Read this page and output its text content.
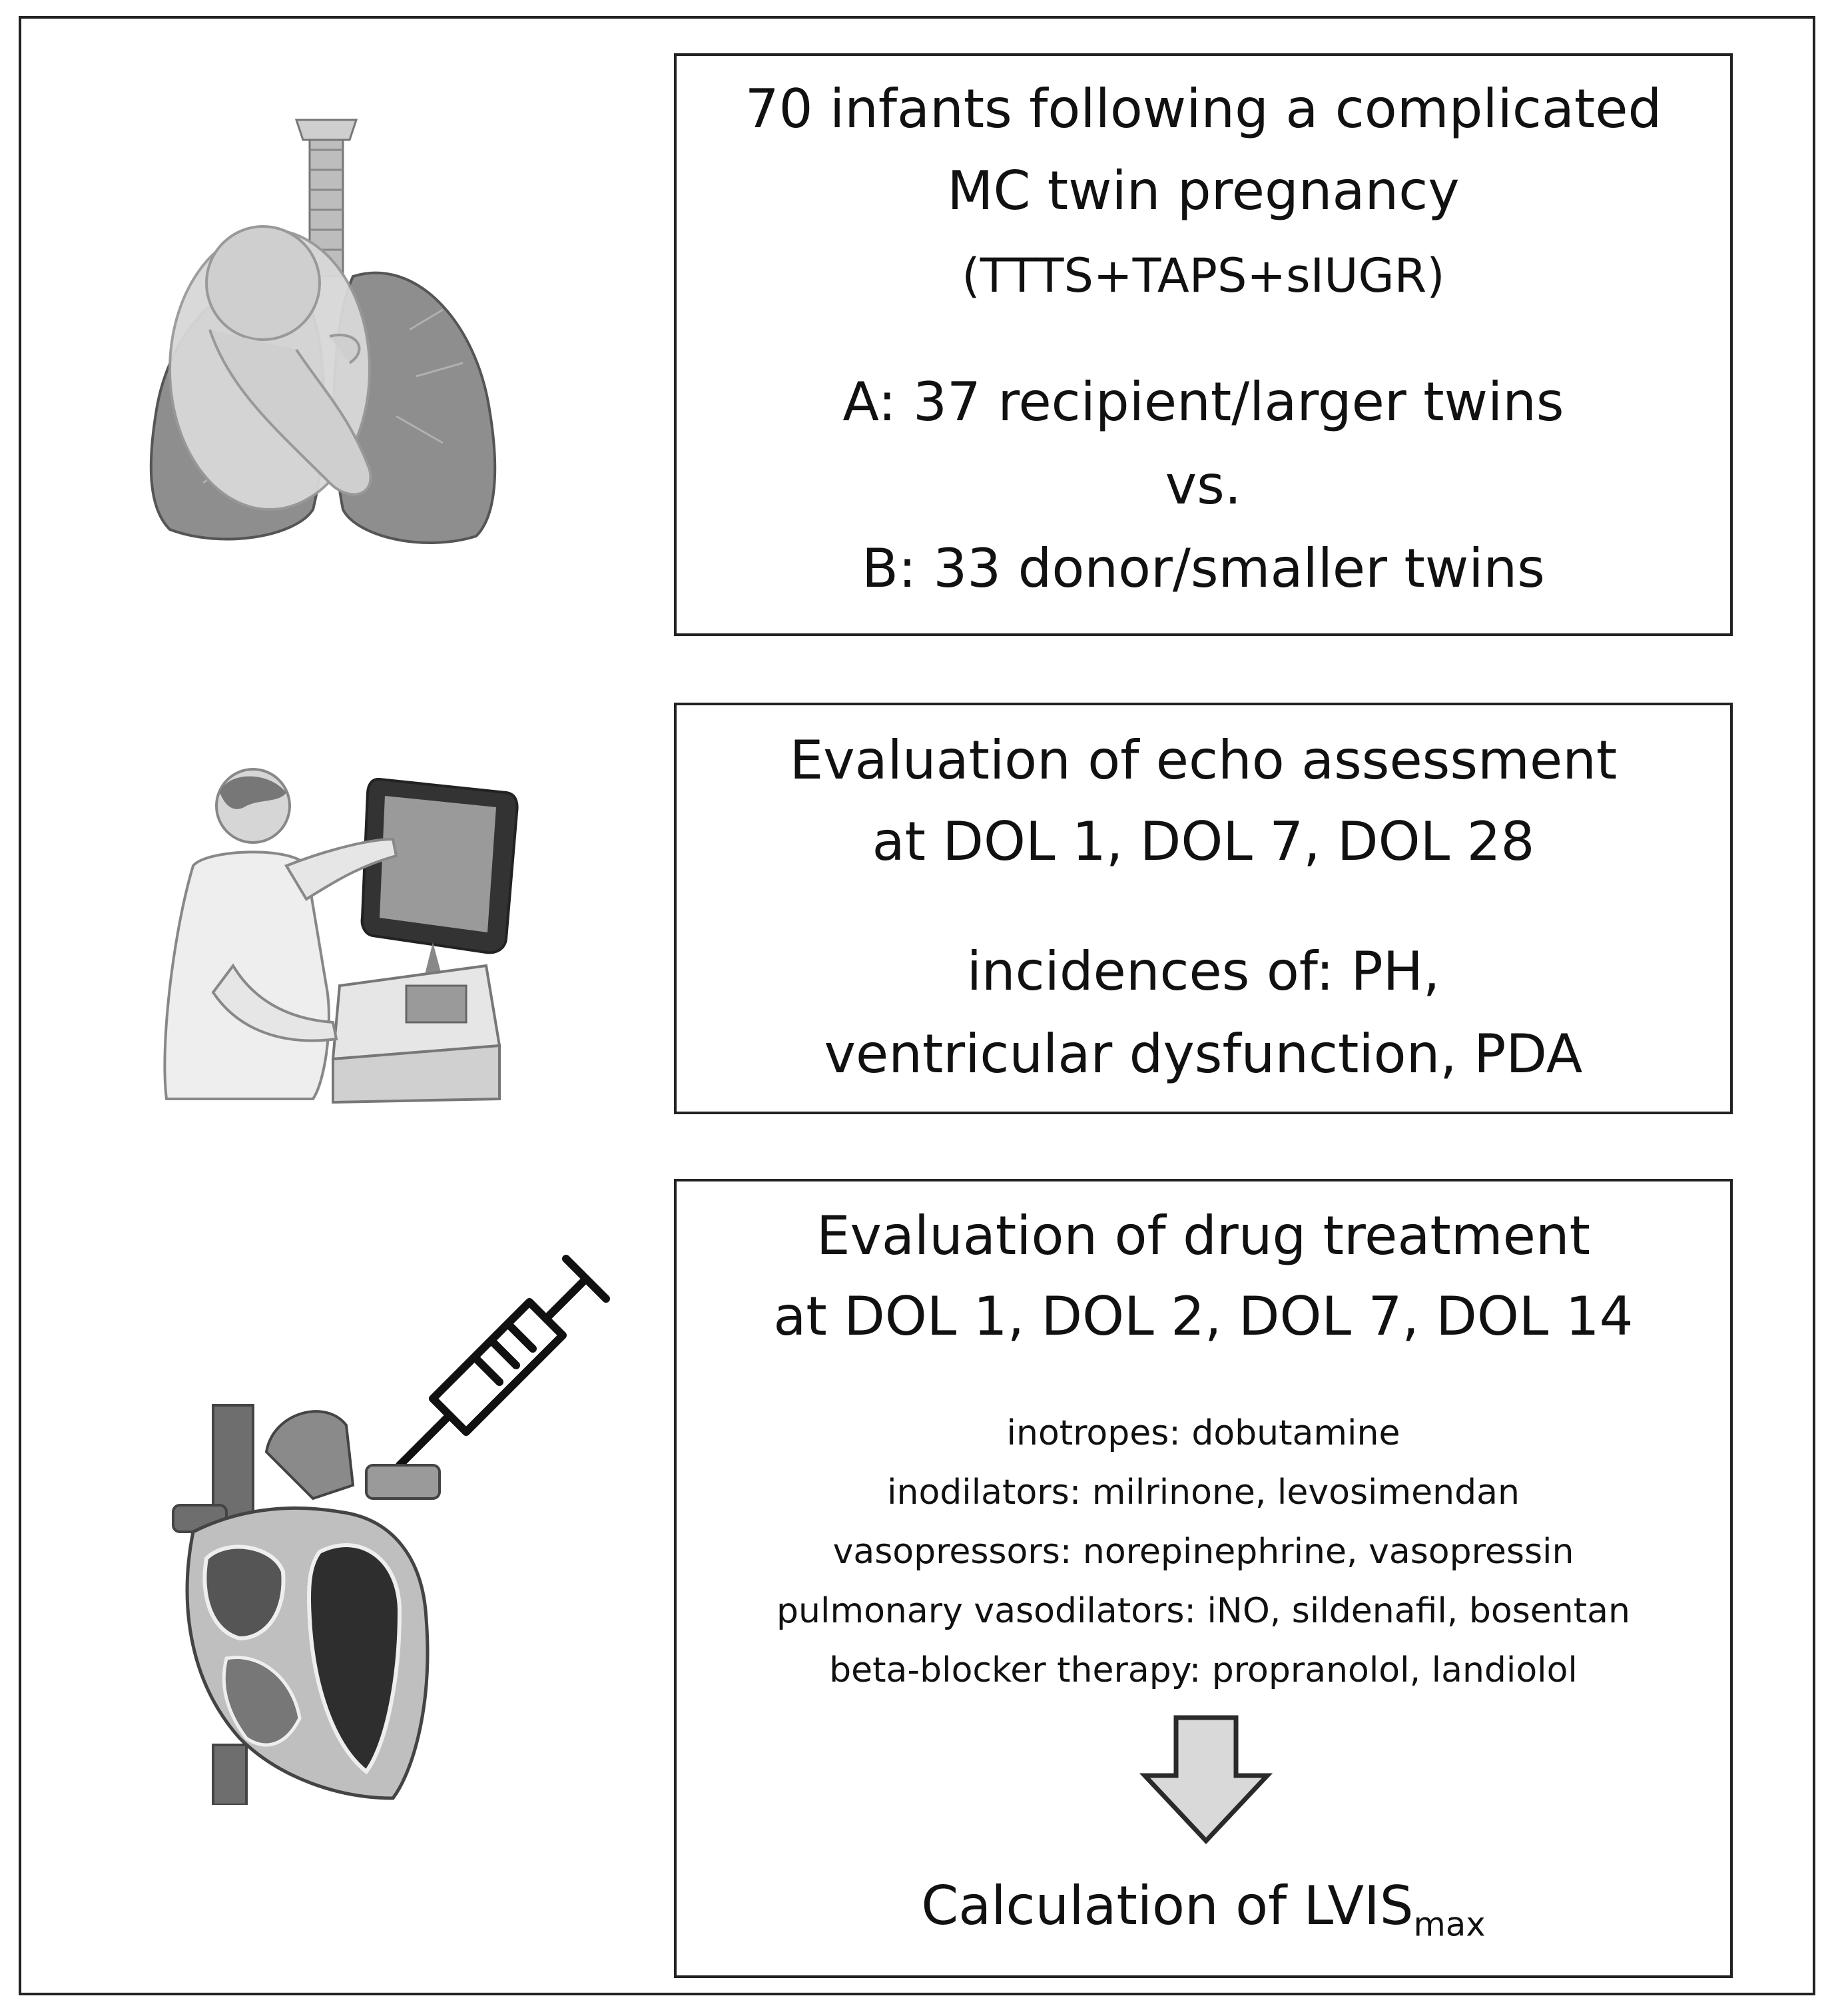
70 infants following a complicated
MC twin pregnancy
(TTTS+TAPS+sIUGR)
A: 37 recipient/larger twins
vs.
B: 33 donor/smaller twins
Evaluation of echo assessment
at DOL 1, DOL 7, DOL 28
incidences of: PH,
ventricular dysfunction, PDA
Evaluation of drug treatment
at DOL 1, DOL 2, DOL 7, DOL 14
inotropes: dobutamine
inodilators: milrinone, levosimendan
vasopressors: norepinephrine, vasopressin
pulmonary vasodilators: iNO, sildenafil, bosentan
beta-blocker therapy: propranolol, landiolol
Calculation of $LVIS_{max}$
